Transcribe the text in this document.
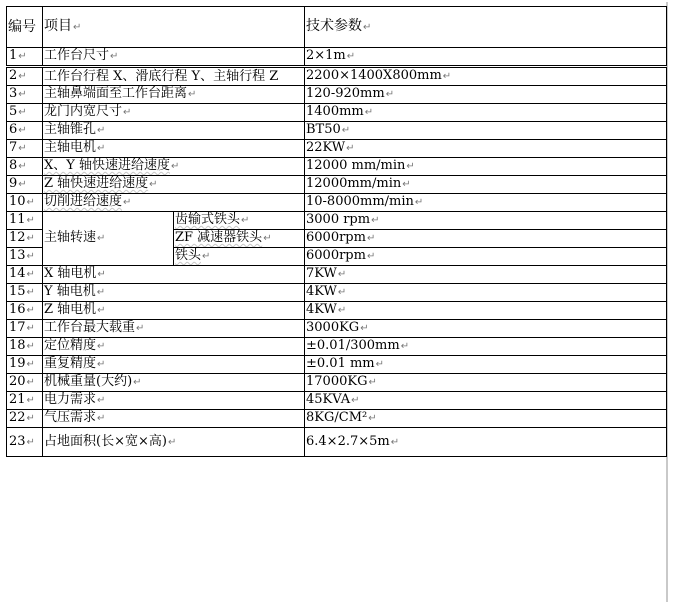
编号	项目↵		技术参数↵
1↵	工作台尺寸↵		2×1m↵
2↵	工作台行程 X、滑底行程 Y、主轴行程 Z		2200×1400X800mm↵
3↵	主轴鼻端面至工作台距离↵		120-920mm↵
5↵	龙门内宽尺寸↵		1400mm↵
6↵	主轴锥孔↵		BT50↵
7↵	主轴电机↵		22KW↵
8↵	X、Y 轴快速进给速度↵		12000 mm/min↵
9↵	Z 轴快速进给速度↵		12000mm/min↵
10↵	切削进给速度↵		10-8000mm/min↵
11↵	主轴转速↵	齿输式铁头↵	3000 rpm↵
12↵		ZF 减速器铁头↵	6000rpm↵
13↵		铁头↵	6000rpm↵
14↵	X 轴电机↵		7KW↵
15↵	Y 轴电机↵		4KW↵
16↵	Z 轴电机↵		4KW↵
17↵	工作台最大载重↵		3000KG↵
18↵	定位精度↵		±0.01/300mm↵
19↵	重复精度↵		±0.01 mm↵
20↵	机械重量(大约)↵		17000KG↵
21↵	电力需求↵		45KVA↵
22↵	气压需求↵		8KG/CM²↵
23↵	占地面积(长×宽×高)↵		6.4×2.7×5m↵
